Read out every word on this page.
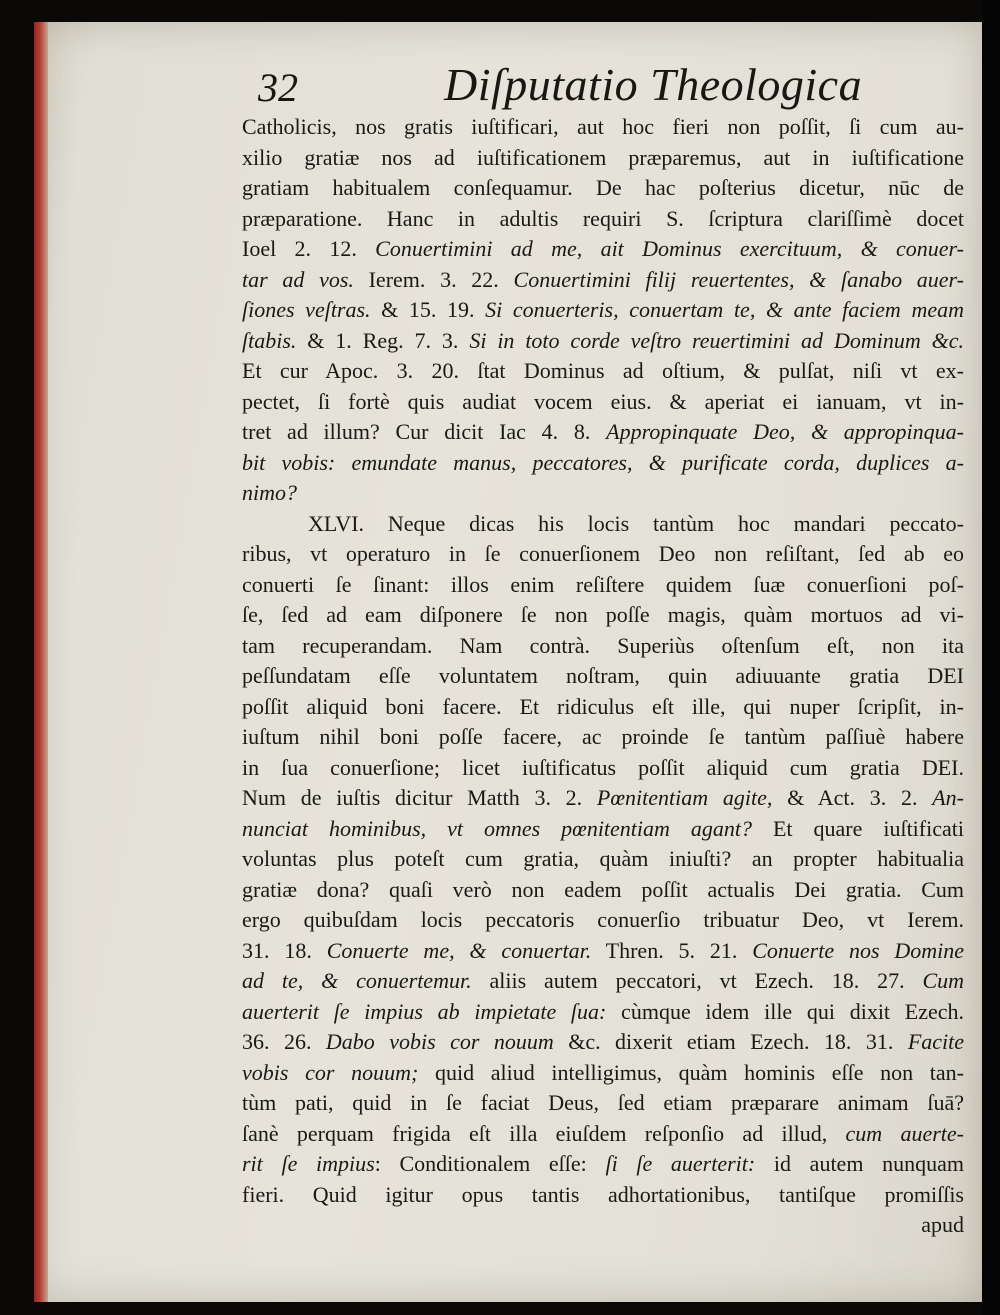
32	Diſputatio Theologica
Catholicis, nos gratis iuſtificari, aut hoc fieri non poſſit, ſi cum au-
xilio gratiæ nos ad iuſtificationem præparemus, aut in iuſtificatione
gratiam habitualem conſequamur. De hac poſterius dicetur, nūc de
præparatione. Hanc in adultis requiri S. ſcriptura clariſſimè docet
Ioel 2. 12. Conuertimini ad me, ait Dominus exercituum, & conuer-
tar ad vos. Ierem. 3. 22. Conuertimini filij reuertentes, & ſanabo auer-
ſiones veſtras. & 15. 19. Si conuerteris, conuertam te, & ante faciem meam
ſtabis. & 1. Reg. 7. 3. Si in toto corde veſtro reuertimini ad Dominum &c.
Et cur Apoc. 3. 20. ſtat Dominus ad oſtium, & pulſat, niſi vt ex-
pectet, ſi fortè quis audiat vocem eius. & aperiat ei ianuam, vt in-
tret ad illum? Cur dicit Iac 4. 8. Appropinquate Deo, & appropinqua-
bit vobis: emundate manus, peccatores, & purificate corda, duplices a-
nimo?
XLVI. Neque dicas his locis tantùm hoc mandari peccato-
ribus, vt operaturo in ſe conuerſionem Deo non reſiſtant, ſed ab eo
conuerti ſe ſinant: illos enim reſiſtere quidem ſuæ conuerſioni poſ-
ſe, ſed ad eam diſponere ſe non poſſe magis, quàm mortuos ad vi-
tam recuperandam. Nam contrà. Superiùs oſtenſum eſt, non ita
peſſundatam eſſe voluntatem noſtram, quin adiuuante gratia DEI
poſſit aliquid boni facere. Et ridiculus eſt ille, qui nuper ſcripſit, in-
iuſtum nihil boni poſſe facere, ac proinde ſe tantùm paſſiuè habere
in ſua conuerſione; licet iuſtificatus poſſit aliquid cum gratia DEI.
Num de iuſtis dicitur Matth 3. 2. Pœnitentiam agite, & Act. 3. 2. An-
nunciat hominibus, vt omnes pœnitentiam agant? Et quare iuſtificati
voluntas plus poteſt cum gratia, quàm iniuſti? an propter habitualia
gratiæ dona? quaſi verò non eadem poſſit actualis Dei gratia. Cum
ergo quibuſdam locis peccatoris conuerſio tribuatur Deo, vt Ierem.
31. 18. Conuerte me, & conuertar. Thren. 5. 21. Conuerte nos Domine
ad te, & conuertemur. aliis autem peccatori, vt Ezech. 18. 27. Cum
auerterit ſe impius ab impietate ſua: cùmque idem ille qui dixit Ezech.
36. 26. Dabo vobis cor nouum &c. dixerit etiam Ezech. 18. 31. Facite
vobis cor nouum; quid aliud intelligimus, quàm hominis eſſe non tan-
tùm pati, quid in ſe faciat Deus, ſed etiam præparare animam ſuā?
ſanè perquam frigida eſt illa eiuſdem reſponſio ad illud, cum auerte-
rit ſe impius: Conditionalem eſſe: ſi ſe auerterit: id autem nunquam
fieri. Quid igitur opus tantis adhortationibus, tantiſque promiſſis
apud
